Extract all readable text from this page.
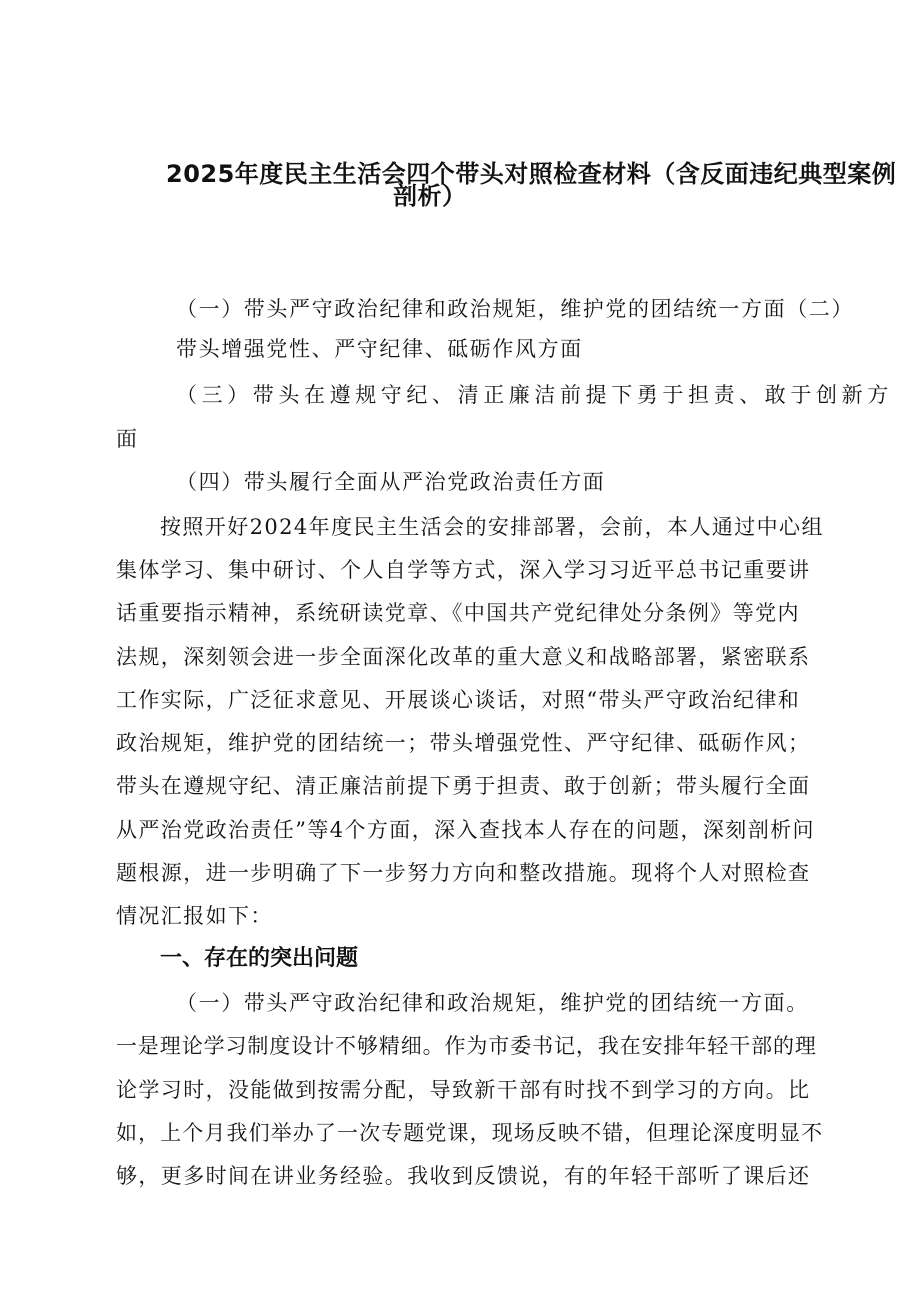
2025年度民主生活会四个带头对照检查材料（含反面违纪典型案例
剖析）
（一）带头严守政治纪律和政治规矩，维护党的团结统一方面（二）
带头增强党性、严守纪律、砥砺作风方面
（三）带头在遵规守纪、清正廉洁前提下勇于担责、敢于创新方
面
（四）带头履行全面从严治党政治责任方面
按照开好2024年度民主生活会的安排部署，会前，本人通过中心组
集体学习、集中研讨、个人自学等方式，深入学习习近平总书记重要讲
话重要指示精神，系统研读党章、《中国共产党纪律处分条例》等党内
法规，深刻领会进一步全面深化改革的重大意义和战略部署，紧密联系
工作实际，广泛征求意见、开展谈心谈话，对照“带头严守政治纪律和
政治规矩，维护党的团结统一；带头增强党性、严守纪律、砥砺作风；
带头在遵规守纪、清正廉洁前提下勇于担责、敢于创新；带头履行全面
从严治党政治责任”等4个方面，深入查找本人存在的问题，深刻剖析问
题根源，进一步明确了下一步努力方向和整改措施。现将个人对照检查
情况汇报如下：
一、存在的突出问题
（一）带头严守政治纪律和政治规矩，维护党的团结统一方面。
一是理论学习制度设计不够精细。作为市委书记，我在安排年轻干部的理
论学习时，没能做到按需分配，导致新干部有时找不到学习的方向。比
如，上个月我们举办了一次专题党课，现场反映不错，但理论深度明显不
够，更多时间在讲业务经验。我收到反馈说，有的年轻干部听了课后还
